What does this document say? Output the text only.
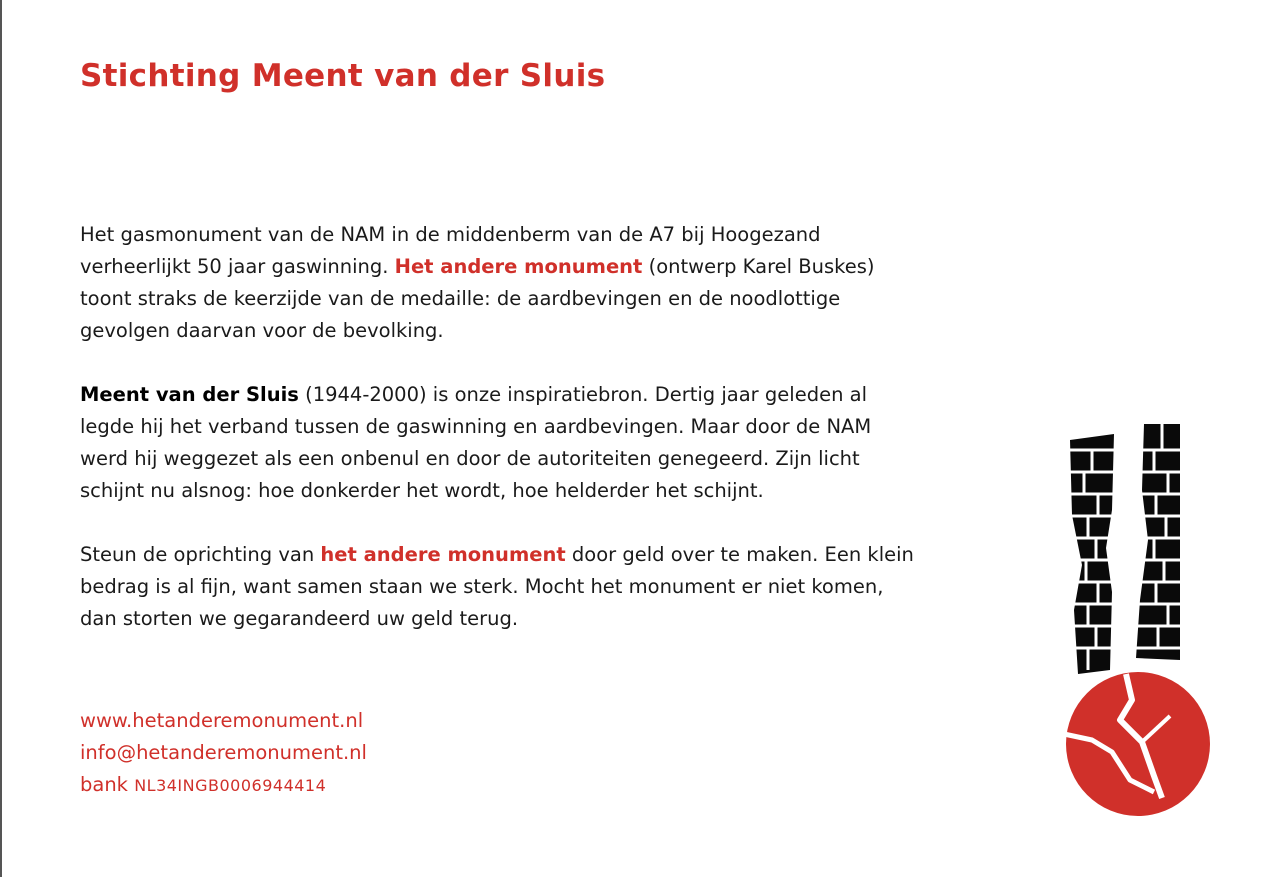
Stichting Meent van der Sluis

Het gasmonument van de NAM in de middenberm van de A7 bij Hoogezand verheerlijkt 50 jaar gaswinning. Het andere monument (ontwerp Karel Buskes) toont straks de keerzijde van de medaille: de aardbevingen en de noodlottige gevolgen daarvan voor de bevolking.

Meent van der Sluis (1944-2000) is onze inspiratiebron. Dertig jaar geleden al legde hij het verband tussen de gaswinning en aardbevingen. Maar door de NAM werd hij weggezet als een onbenul en door de autoriteiten genegeerd. Zijn licht schijnt nu alsnog: hoe donkerder het wordt, hoe helderder het schijnt.

Steun de oprichting van het andere monument door geld over te maken. Een klein bedrag is al fijn, want samen staan we sterk. Mocht het monument er niet komen, dan storten we gegarandeerd uw geld terug.

www.hetanderemonument.nl
info@hetanderemonument.nl
bank NL34INGB0006944414
